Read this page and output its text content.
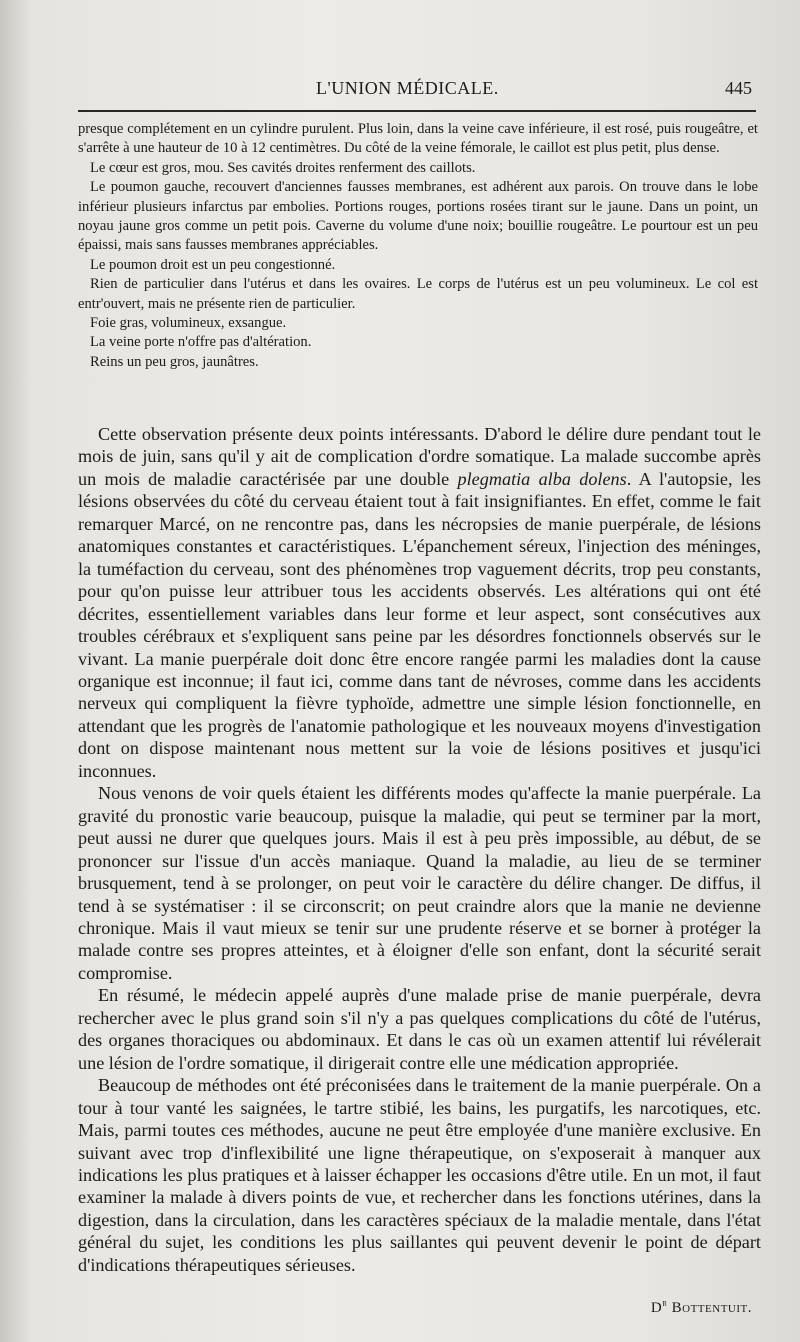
L'UNION MÉDICALE.	445

presque complétement en un cylindre purulent. Plus loin, dans la veine cave inférieure, il est rosé, puis rougeâtre, et s'arrête à une hauteur de 10 à 12 centimètres. Du côté de la veine fémorale, le caillot est plus petit, plus dense.

Le cœur est gros, mou. Ses cavités droites renferment des caillots.

Le poumon gauche, recouvert d'anciennes fausses membranes, est adhérent aux parois. On trouve dans le lobe inférieur plusieurs infarctus par embolies. Portions rouges, portions rosées tirant sur le jaune. Dans un point, un noyau jaune gros comme un petit pois. Caverne du volume d'une noix; bouillie rougeâtre. Le pourtour est un peu épaissi, mais sans fausses membranes appréciables.

Le poumon droit est un peu congestionné.

Rien de particulier dans l'utérus et dans les ovaires. Le corps de l'utérus est un peu volumineux. Le col est entr'ouvert, mais ne présente rien de particulier.

Foie gras, volumineux, exsangue.

La veine porte n'offre pas d'altération.

Reins un peu gros, jaunâtres.

Cette observation présente deux points intéressants. D'abord le délire dure pendant tout le mois de juin, sans qu'il y ait de complication d'ordre somatique. La malade succombe après un mois de maladie caractérisée par une double plegmatia alba dolens. A l'autopsie, les lésions observées du côté du cerveau étaient tout à fait insignifiantes. En effet, comme le fait remarquer Marcé, on ne rencontre pas, dans les nécropsies de manie puerpérale, de lésions anatomiques constantes et caractéristiques. L'épanchement séreux, l'injection des méninges, la tuméfaction du cerveau, sont des phénomènes trop vaguement décrits, trop peu constants, pour qu'on puisse leur attribuer tous les accidents observés. Les altérations qui ont été décrites, essentiellement variables dans leur forme et leur aspect, sont consécutives aux troubles cérébraux et s'expliquent sans peine par les désordres fonctionnels observés sur le vivant. La manie puerpérale doit donc être encore rangée parmi les maladies dont la cause organique est inconnue; il faut ici, comme dans tant de névroses, comme dans les accidents nerveux qui compliquent la fièvre typhoïde, admettre une simple lésion fonctionnelle, en attendant que les progrès de l'anatomie pathologique et les nouveaux moyens d'investigation dont on dispose maintenant nous mettent sur la voie de lésions positives et jusqu'ici inconnues.

Nous venons de voir quels étaient les différents modes qu'affecte la manie puerpérale. La gravité du pronostic varie beaucoup, puisque la maladie, qui peut se terminer par la mort, peut aussi ne durer que quelques jours. Mais il est à peu près impossible, au début, de se prononcer sur l'issue d'un accès maniaque. Quand la maladie, au lieu de se terminer brusquement, tend à se prolonger, on peut voir le caractère du délire changer. De diffus, il tend à se systématiser : il se circonscrit; on peut craindre alors que la manie ne devienne chronique. Mais il vaut mieux se tenir sur une prudente réserve et se borner à protéger la malade contre ses propres atteintes, et à éloigner d'elle son enfant, dont la sécurité serait compromise.

En résumé, le médecin appelé auprès d'une malade prise de manie puerpérale, devra rechercher avec le plus grand soin s'il n'y a pas quelques complications du côté de l'utérus, des organes thoraciques ou abdominaux. Et dans le cas où un examen attentif lui révélerait une lésion de l'ordre somatique, il dirigerait contre elle une médication appropriée.

Beaucoup de méthodes ont été préconisées dans le traitement de la manie puerpérale. On a tour à tour vanté les saignées, le tartre stibié, les bains, les purgatifs, les narcotiques, etc. Mais, parmi toutes ces méthodes, aucune ne peut être employée d'une manière exclusive. En suivant avec trop d'inflexibilité une ligne thérapeutique, on s'exposerait à manquer aux indications les plus pratiques et à laisser échapper les occasions d'être utile. En un mot, il faut examiner la malade à divers points de vue, et rechercher dans les fonctions utérines, dans la digestion, dans la circulation, dans les caractères spéciaux de la maladie mentale, dans l'état général du sujet, les conditions les plus saillantes qui peuvent devenir le point de départ d'indications thérapeutiques sérieuses.

$D^r$ Bottentuit.
